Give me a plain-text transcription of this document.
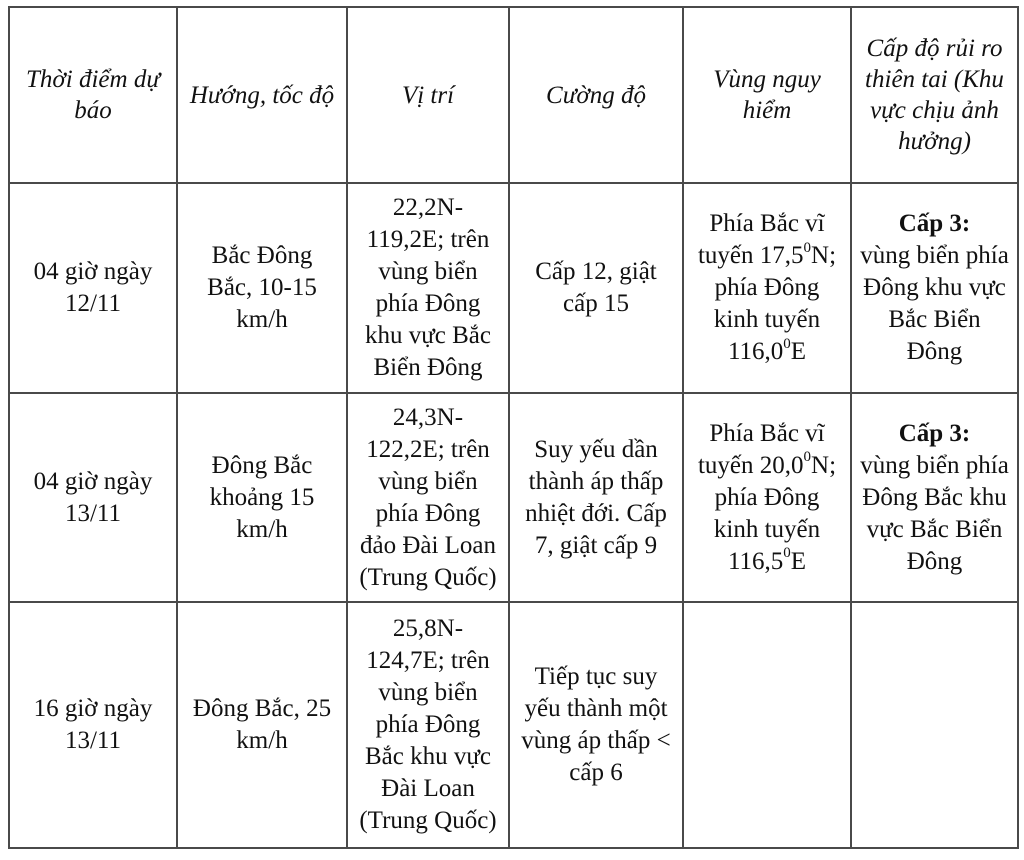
Thời điểm dự báo	Hướng, tốc độ	Vị trí	Cường độ	Vùng nguy hiểm	Cấp độ rủi ro thiên tai (Khu vực chịu ảnh hưởng)

04 giờ ngày 12/11	Bắc Đông Bắc, 10-15 km/h	22,2N-119,2E; trên vùng biển phía Đông khu vực Bắc Biển Đông	Cấp 12, giật cấp 15	Phía Bắc vĩ tuyến 17,5$^0$N; phía Đông kinh tuyến 116,0$^0$E	Cấp 3:
vùng biển phía Đông khu vực Bắc Biển Đông

04 giờ ngày 13/11	Đông Bắc khoảng 15 km/h	24,3N-122,2E; trên vùng biển phía Đông đảo Đài Loan (Trung Quốc)	Suy yếu dần thành áp thấp nhiệt đới. Cấp 7, giật cấp 9	Phía Bắc vĩ tuyến 20,0$^0$N; phía Đông kinh tuyến 116,5$^0$E	Cấp 3:
vùng biển phía Đông Bắc khu vực Bắc Biển Đông

16 giờ ngày 13/11	Đông Bắc, 25 km/h	25,8N-124,7E; trên vùng biển phía Đông Bắc khu vực Đài Loan (Trung Quốc)	Tiếp tục suy yếu thành một vùng áp thấp < cấp 6		
